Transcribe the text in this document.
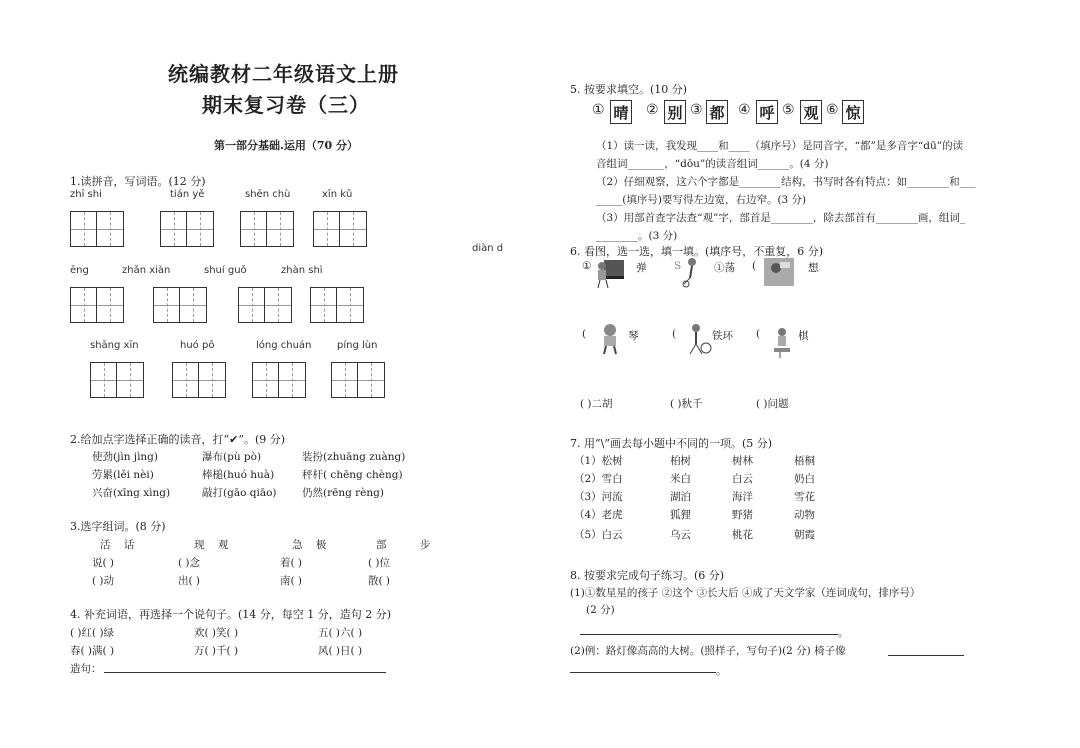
统编教材二年级语文上册
期末复习卷（三）
第一部分基础.运用（70 分）
1.读拼音，写词语。(12 分)
zhī shi	tián yě	shēn chù	xīn kǔ
diàn d
ēng	zhǎn xiàn	shuí guǒ	zhàn shì
shāng xīn	huó pō	lóng chuán	píng lùn
2.给加点字选择正确的读音，打“✔”。(9 分)
使劲(jìn jìng)	瀑布(pù pò)	装扮(zhuāng zuàng)
劳累(lěi nèi)	棒槌(huó huà)	秤杆( chēng chèng)
兴奋(xīng xìng)	敲打(gāo qiāo) 仍然(rēng rèng)
3.选字组词。(8 分)
活 话	现 观	急 极	部 步
说( )	( )念	着( )	( )位
( )动	出( )	南( )	散( )
4. 补充词语，再选择一个说句子。(14 分，每空 1 分，造句 2 分)
( )红( )绿	欢( )笑( )	五( )六( )
春( )满( )	万( )千( )	风( )日( )
造句：
5. 按要求填空。(10 分)
① 晴 ② 别 ③ 都 ④ 呼 ⑤ 观 ⑥ 惊
（1）读一读，我发现____和____（填序号）是同音字，“都”是多音字“dū”的读
音组词_______，“dōu”的读音组词______。(4 分)
（2）仔细观察，这六个字都是________结构，书写时各有特点：如________和___
_____(填序号)要写得左边宽，右边窄。(3 分)
（3）用部首查字法查“观”字，部首是________，除去部首有________画，组词_
________。(3 分)
6. 看图，选一选，填一填。(填序号，不重复，6 分)
①	弹	S	①荡 (	想
(	琴	(	铁环 (	棋
( )二胡	( )秋千	( )问题
7. 用“\”画去每小题中不同的一项。(5 分)
（1）松树	柏树	树林	梧桐
（2）雪白	米白	白云	奶白
（3）河流	湖泊	海洋	雪花
（4）老虎	狐狸	野猪	动物
（5）白云	乌云	桃花	朝霞
8. 按要求完成句子练习。(6 分)
(1)①数星星的孩子 ②这个 ③长大后 ④成了天文学家（连词成句，排序号）
(2 分)
。
(2)例：路灯像高高的大树。(照样子，写句子)(2 分) 椅子像
。
